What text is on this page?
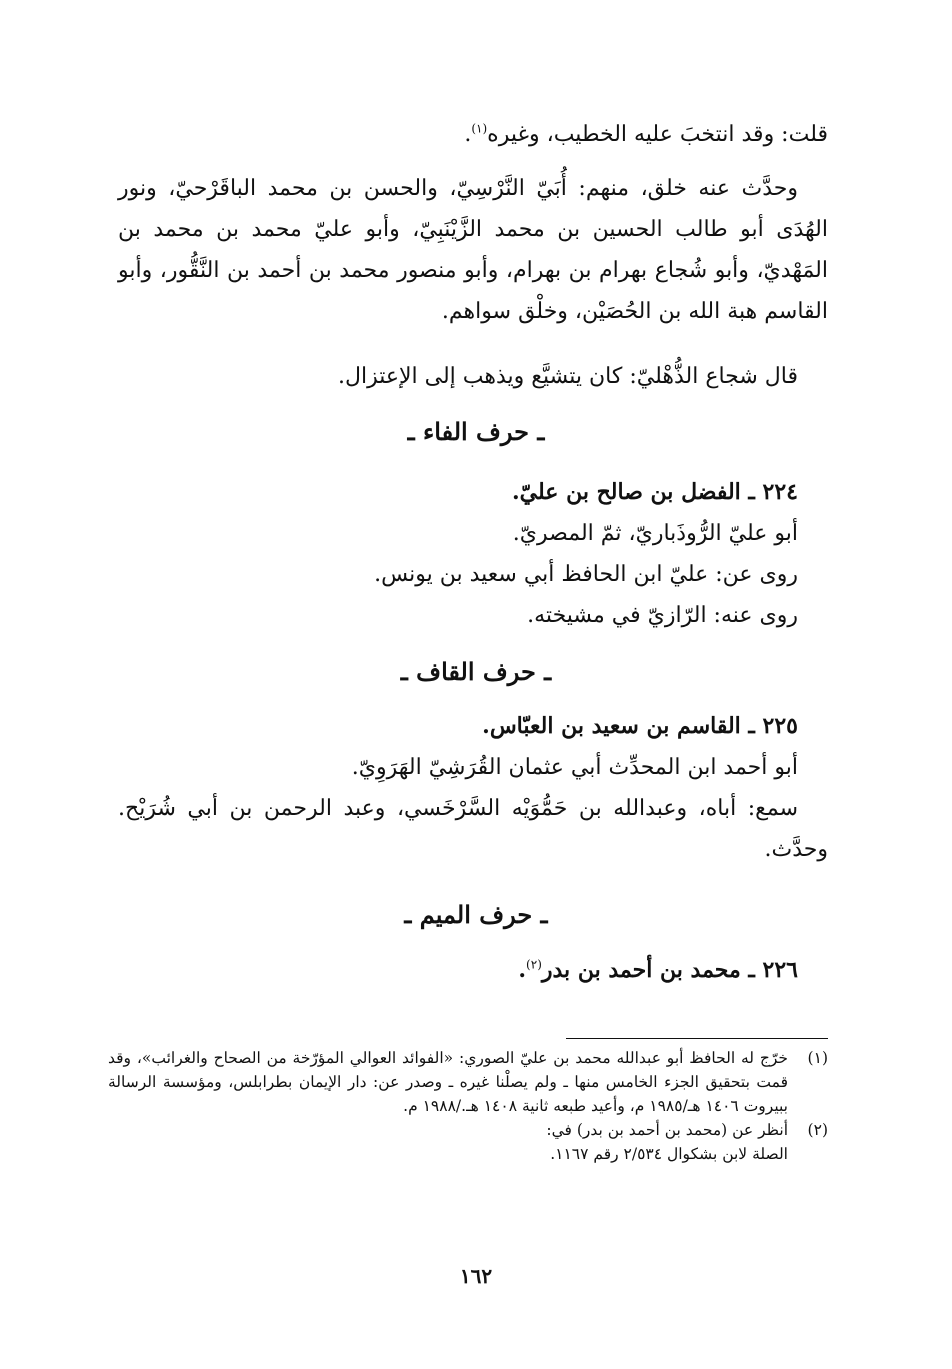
قلت: وقد انتخبَ عليه الخطيب، وغيره$^{(١)}$.
وحدَّث عنه خلق، منهم: أُبَيّ النَّرْسِيّ، والحسن بن محمد الباقَرْحيّ، ونور الهُدَى أبو طالب الحسين بن محمد الزَّيْنَبِيّ، وأبو عليّ محمد بن محمد بن المَهْديّ، وأبو شُجاع بهرام بن بهرام، وأبو منصور محمد بن أحمد بن النَّقُّور، وأبو القاسم هبة الله بن الحُصَيْن، وخلْق سواهم.
قال شجاع الذُّهْليّ: كان يتشيَّع ويذهب إلى الإعتزال.
ـ حرف الفاء ـ
٢٢٤ ـ الفضل بن صالح بن عليّ.
أبو عليّ الرُّوذَباريّ، ثمّ المصريّ.
روى عن: عليّ ابن الحافظ أبي سعيد بن يونس.
روى عنه: الرّازيّ في مشيخته.
ـ حرف القاف ـ
٢٢٥ ـ القاسم بن سعيد بن العبّاس.
أبو أحمد ابن المحدِّث أبي عثمان القُرَشِيّ الهَرَوِيّ.
سمع: أباه، وعبدالله بن حَمُّوَيْه السَّرْخَسي، وعبد الرحمن بن أبي شُرَيْح. وحدَّث.
ـ حرف الميم ـ
٢٢٦ ـ محمد بن أحمد بن بدر$^{(٢)}$.
(١)
خرّج له الحافظ أبو عبدالله محمد بن عليّ الصوري: «الفوائد العوالي المؤرّخة من الصحاح والغرائب»، وقد قمت بتحقيق الجزء الخامس منها ـ ولم يصلْنا غيره ـ وصدر عن: دار الإيمان بطرابلس، ومؤسسة الرسالة ببيروت ١٤٠٦ هـ/١٩٨٥ م، وأعيد طبعه ثانية ١٤٠٨ هـ./١٩٨٨ م.
(٢)
أنظر عن (محمد بن أحمد بن بدر) في:
الصلة لابن بشكوال ٢/٥٣٤ رقم ١١٦٧.
١٦٢
